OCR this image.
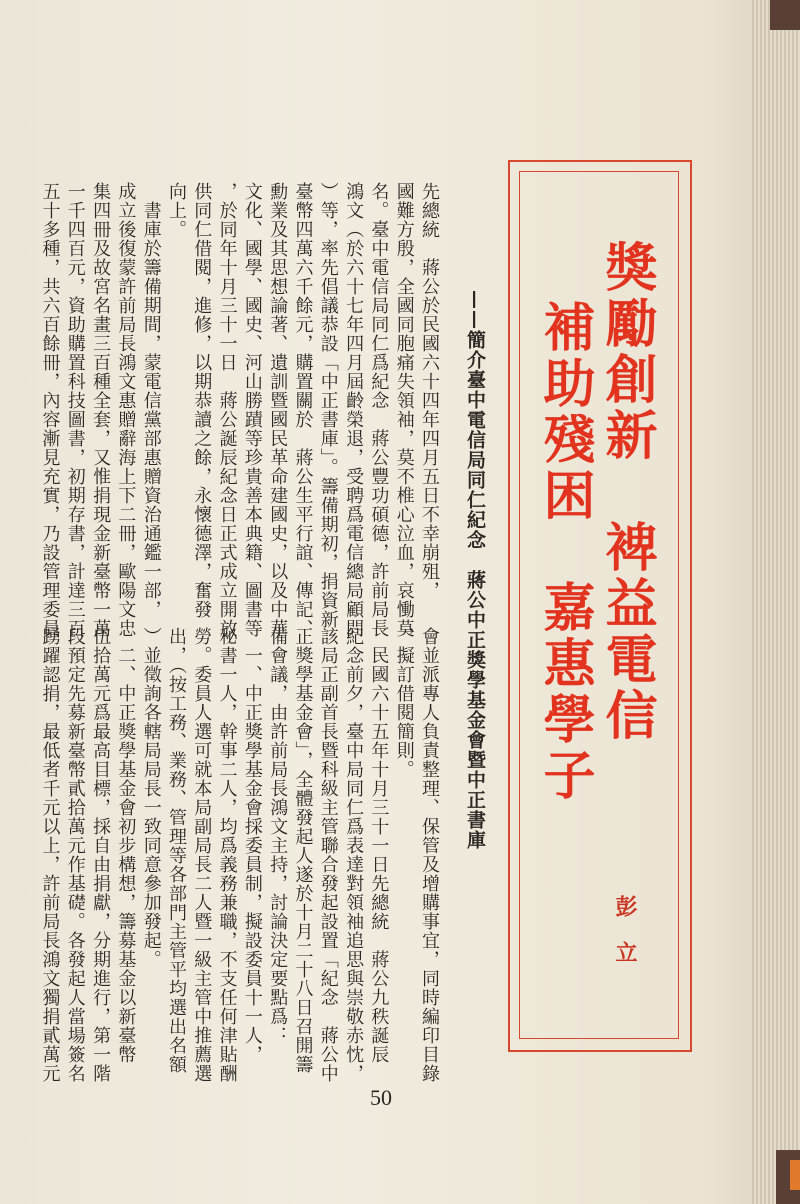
獎勵創新　裨益電信
補助殘困　嘉惠學子
彭立
——簡介臺中電信局同仁紀念　蔣公中正獎學基金會暨中正書庫
先總統　蔣公於民國六十四年四月五日不幸崩殂，
國難方殷，全國同胞痛失領袖，莫不椎心泣血，哀慟莫
名。臺中電信局同仁爲紀念　蔣公豐功碩德，許前局長
鴻文（於六十七年四月屆齡榮退，受聘爲電信總局顧問
）等，率先倡議恭設「中正書庫」。籌備期初，捐資新
臺幣四萬六千餘元，購置關於　蔣公生平行誼、傳記、
勳業及其思想論著、遺訓暨國民革命建國史，以及中華
文化、國學、國史、河山勝蹟等珍貴善本典籍、圖書等
，於同年十月三十一日　蔣公誕辰紀念日正式成立開放
供同仁借閱，進修，以期恭讀之餘，永懷德澤，奮發
向上。
　書庫於籌備期間，蒙電信黨部惠贈資治通鑑一部，
成立後復蒙許前局長鴻文惠贈辭海上下二冊，歐陽文忠
集四冊及故宮名畫三百種全套，又惟捐現金新臺幣一萬
一千四百元，資助購置科技圖書，初期存書，計達三百
五十多種，共六百餘冊，內容漸見充實，乃設管理委員
會並派專人負責整理、保管及增購事宜，同時編印目錄
，擬訂借閱簡則。
　民國六十五年十月三十一日先總統　蔣公九秩誕辰
紀念前夕，臺中局同仁爲表達對領袖追思與崇敬赤忱，
該局正副首長暨科級主管聯合發起設置「紀念　蔣公中
正獎學基金會」，全體發起人遂於十月二十八日召開籌
備會議，由許前局長鴻文主持，討論決定要點爲：
　一、中正獎學基金會採委員制，擬設委員十一人，
秘書一人，幹事二人，均爲義務兼職，不支任何津貼酬
勞。委員人選可就本局副局長二人暨一級主管中推薦選
出，（按工務、業務、管理等各部門主管平均選出名額
）並徵詢各轄局局長一致同意參加發起。
　二、中正獎學基金會初步構想，籌募基金以新臺幣
伍拾萬元爲最高目標，採自由捐獻，分期進行，第一階
段預定先募新臺幣貳拾萬元作基礎。各發起人當場簽名
踴躍認捐，最低者千元以上，許前局長鴻文獨捐貳萬元
50
